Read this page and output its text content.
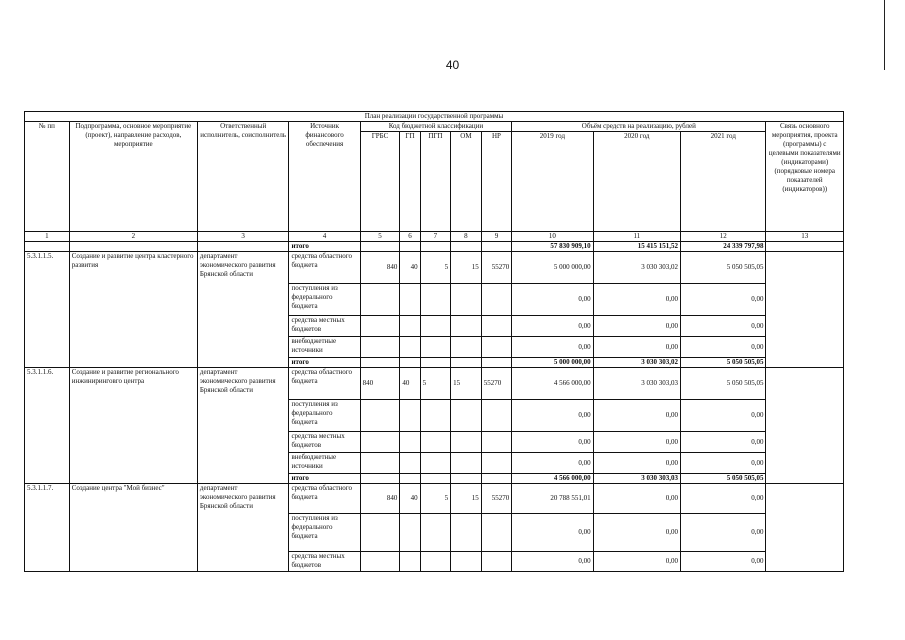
40
План реализации государственной программы												
№ пп	Подпрограмма, основное мероприятие (проект), направление расходов, мероприятие	Ответственный исполнитель, соисполнитель	Источник финансового обеспечения	Код бюджетной классификации					Объём средств на реализацию, рублей			Связь основного мероприятия, проекта (программы) с целевыми показателями (индикаторами) (порядковые номера показателей (индикаторов))
				ГРБС	ГП	ПГП	ОМ	НР	2019 год	2020 год	2021 год	
1	2	3	4	5	6	7	8	9	10	11	12	13
			итого						57 830 909,10	15 415 151,52	24 339 797,98	
5.3.1.1.5.	Создание и развитие центра кластерного развития	департамент экономического развития Брянской области	средства областного бюджета	840	40	5	15	55270	5 000 000,00	3 030 303,02	5 050 505,05	
			поступления из федерального бюджета						0,00	0,00	0,00	
			средства местных бюджетов						0,00	0,00	0,00	
			внебюджетные источники						0,00	0,00	0,00	
			итого						5 000 000,00	3 030 303,02	5 050 505,05	
5.3.1.1.6.	Создание и развитие регионального инжиниринговго центра	департамент экономического развития Брянской области	средства областного бюджета	840	40	5	15	55270	4 566 000,00	3 030 303,03	5 050 505,05	
			поступления из федерального бюджета						0,00	0,00	0,00	
			средства местных бюджетов						0,00	0,00	0,00	
			внебюджетные источники						0,00	0,00	0,00	
			итого						4 566 000,00	3 030 303,03	5 050 505,05	
5.3.1.1.7.	Создание центра "Мой бизнес"	департамент экономического развития Брянской области	средства областного бюджета	840	40	5	15	55270	20 788 551,01	0,00	0,00	
			поступления из федерального бюджета						0,00	0,00	0,00	
			средства местных бюджетов						0,00	0,00	0,00	
